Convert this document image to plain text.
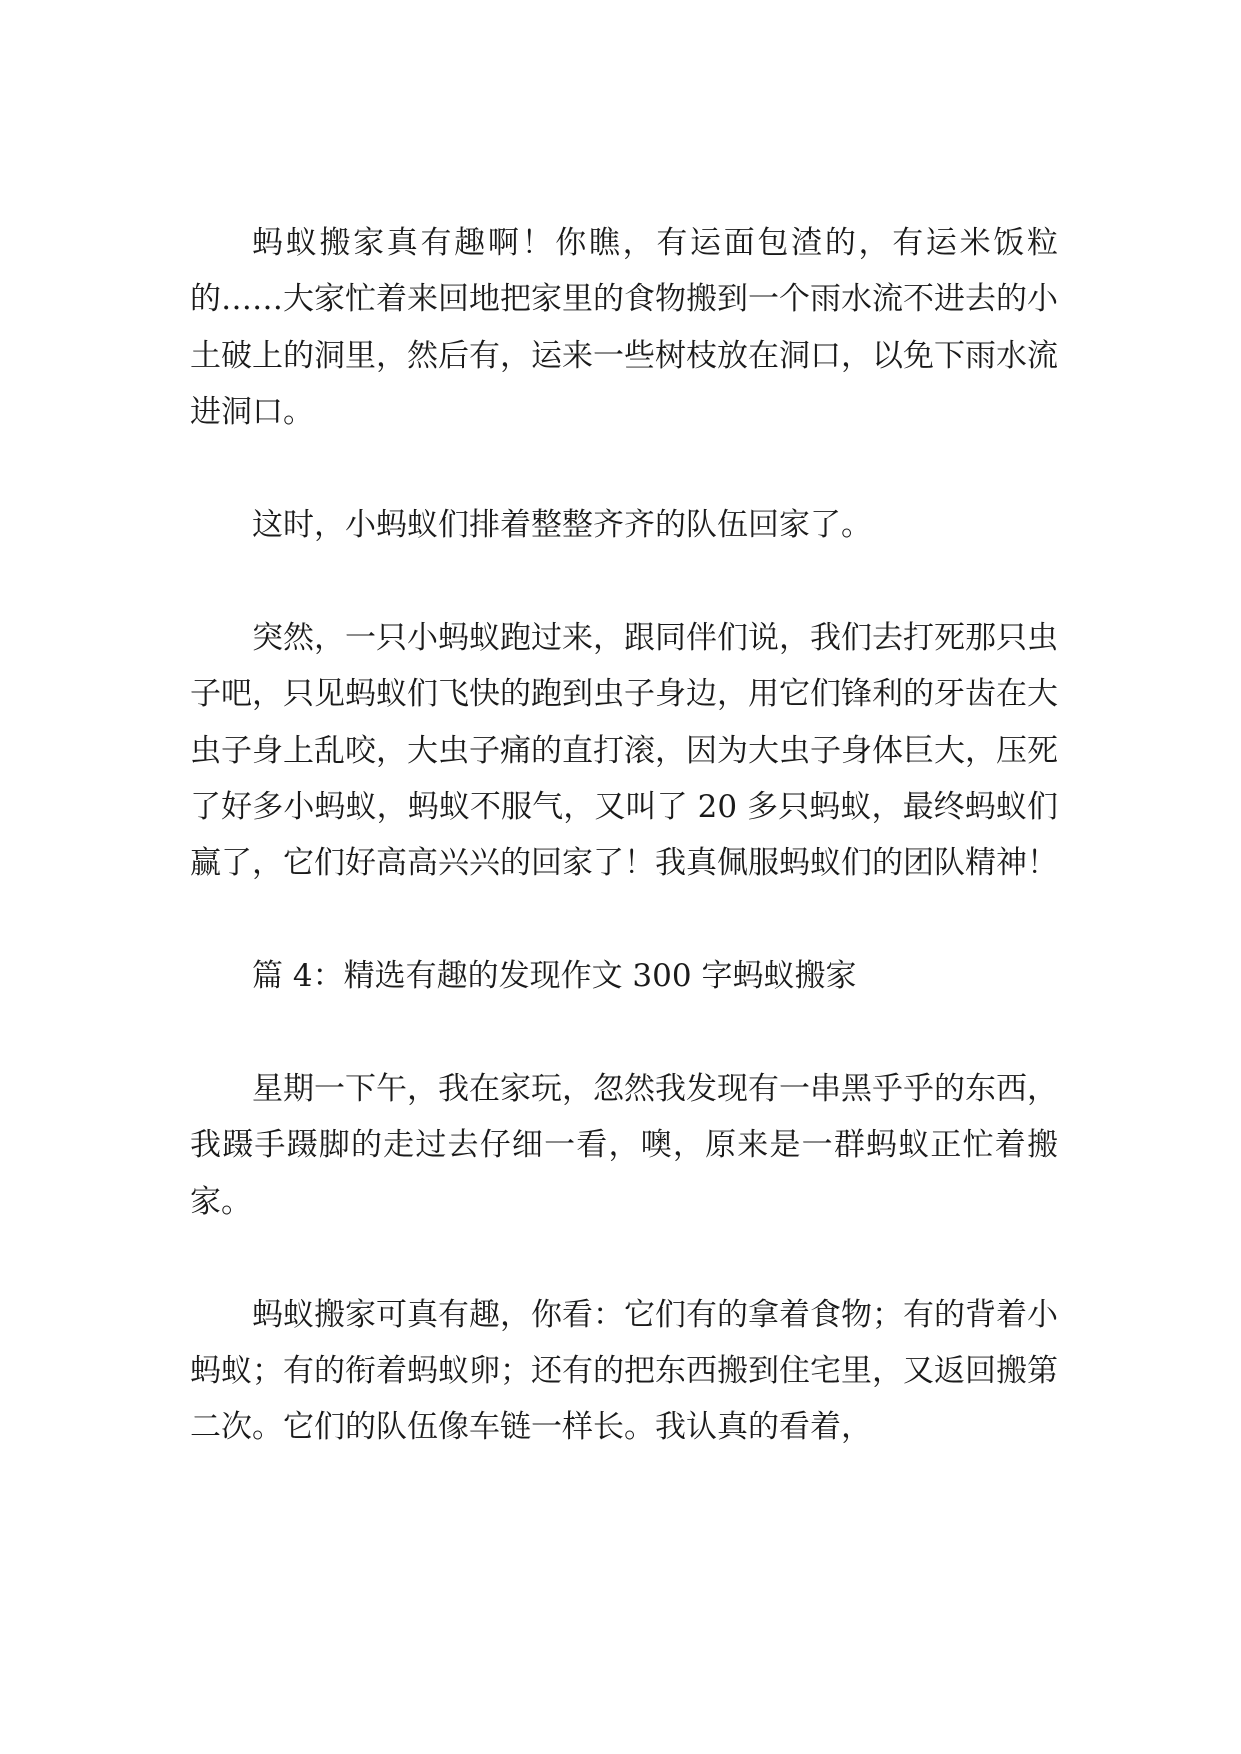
蚂蚁搬家真有趣啊！你瞧，有运面包渣的，有运米饭粒的……大家忙着来回地把家里的食物搬到一个雨水流不进去的小土破上的洞里，然后有，运来一些树枝放在洞口，以免下雨水流进洞口。

这时，小蚂蚁们排着整整齐齐的队伍回家了。

突然，一只小蚂蚁跑过来，跟同伴们说，我们去打死那只虫子吧，只见蚂蚁们飞快的跑到虫子身边，用它们锋利的牙齿在大虫子身上乱咬，大虫子痛的直打滚，因为大虫子身体巨大，压死了好多小蚂蚁，蚂蚁不服气，又叫了 20 多只蚂蚁，最终蚂蚁们赢了，它们好高高兴兴的回家了！我真佩服蚂蚁们的团队精神！

篇 4：精选有趣的发现作文 300 字蚂蚁搬家

星期一下午，我在家玩，忽然我发现有一串黑乎乎的东西，我蹑手蹑脚的走过去仔细一看，噢，原来是一群蚂蚁正忙着搬家。

蚂蚁搬家可真有趣，你看：它们有的拿着食物；有的背着小蚂蚁；有的衔着蚂蚁卵；还有的把东西搬到住宅里，又返回搬第二次。它们的队伍像车链一样长。我认真的看着，
